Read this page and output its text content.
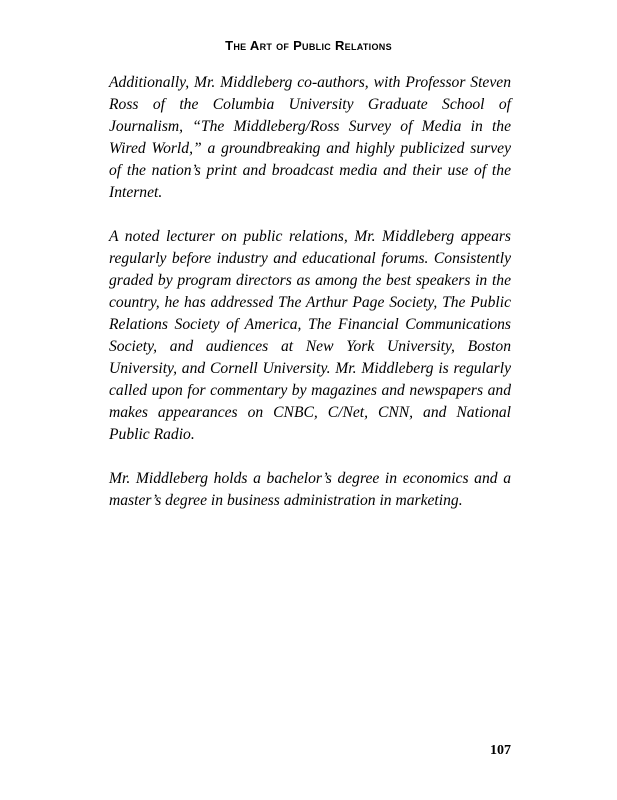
The Art of Public Relations

Additionally, Mr. Middleberg co-authors, with Professor Steven Ross of the Columbia University Graduate School of Journalism, “The Middleberg/Ross Survey of Media in the Wired World,” a groundbreaking and highly publicized survey of the nation’s print and broadcast media and their use of the Internet.

A noted lecturer on public relations, Mr. Middleberg appears regularly before industry and educational forums. Consistently graded by program directors as among the best speakers in the country, he has addressed The Arthur Page Society, The Public Relations Society of America, The Financial Communications Society, and audiences at New York University, Boston University, and Cornell University. Mr. Middleberg is regularly called upon for commentary by magazines and newspapers and makes appearances on CNBC, C/Net, CNN, and National Public Radio.

Mr. Middleberg holds a bachelor’s degree in economics and a master’s degree in business administration in marketing.

107
